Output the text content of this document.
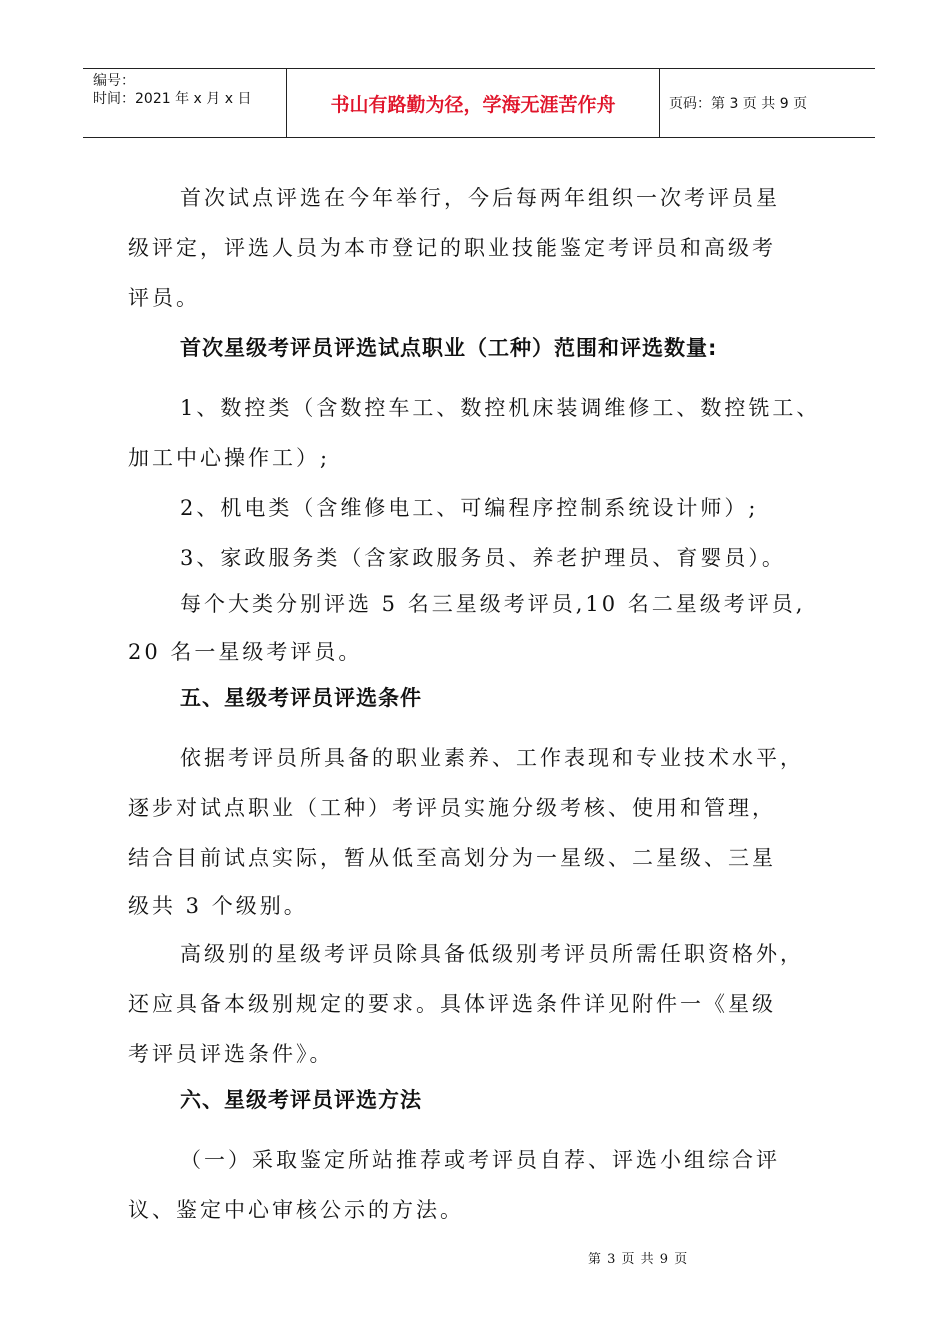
编号：
时间：2021 年 x 月 x 日	书山有路勤为径，学海无涯苦作舟	页码：第 3 页 共 9 页
首次试点评选在今年举行，今后每两年组织一次考评员星
级评定，评选人员为本市登记的职业技能鉴定考评员和高级考
评员。
首次星级考评员评选试点职业（工种）范围和评选数量:
1、数控类（含数控车工、数控机床装调维修工、数控铣工、
加工中心操作工）;
2、机电类（含维修电工、可编程序控制系统设计师）;
3、家政服务类（含家政服务员、养老护理员、育婴员）。
每个大类分别评选 5 名三星级考评员,10 名二星级考评员,
20 名一星级考评员。
五、星级考评员评选条件
依据考评员所具备的职业素养、工作表现和专业技术水平，
逐步对试点职业（工种）考评员实施分级考核、使用和管理，
结合目前试点实际，暂从低至高划分为一星级、二星级、三星
级共 3 个级别。
高级别的星级考评员除具备低级别考评员所需任职资格外，
还应具备本级别规定的要求。具体评选条件详见附件一《星级
考评员评选条件》。
六、星级考评员评选方法
（一）采取鉴定所站推荐或考评员自荐、评选小组综合评
议、鉴定中心审核公示的方法。
第 3 页 共 9 页
